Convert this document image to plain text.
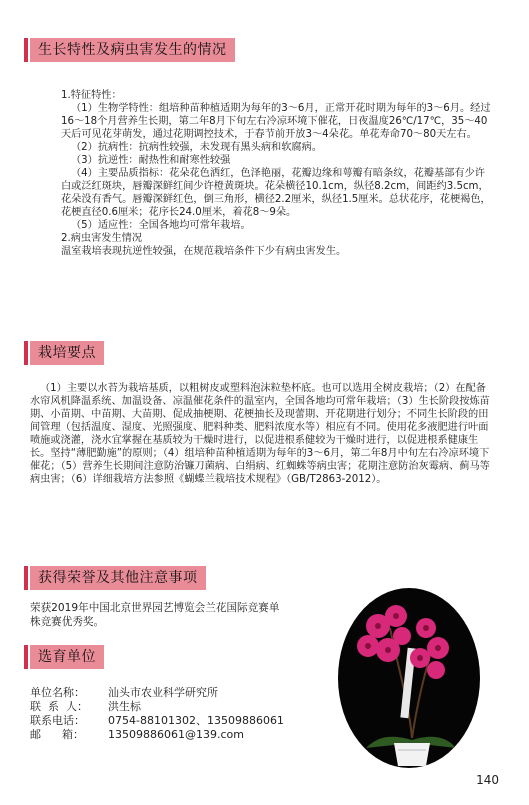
生长特性及病虫害发生的情况

1.特征特性：

（1）生物学特性：组培种苗种植适期为每年的3～6月，正常开花时期为每年的3～6月。经过16～18个月营养生长期，第二年8月下旬左右冷凉环境下催花，日夜温度26℃/17℃，35～40天后可见花芽萌发，通过花期调控技术，于春节前开放3～4朵花。单花寿命70～80天左右。

（2）抗病性：抗病性较强，未发现有黑头病和软腐病。

（3）抗逆性：耐热性和耐寒性较强

（4）主要品质指标：花朵花色洒红，色泽艳丽，花瓣边缘和萼瓣有暗条纹，花瓣基部有少许白或泛红斑块，唇瓣深鲜红间少许橙黄斑块。花朵横径10.1cm，纵径8.2cm，间距约3.5cm，花朵没有香气。唇瓣深鲜红色，倒三角形，横径2.2厘米，纵径1.5厘米。总状花序，花梗褐色，花梗直径0.6厘米；花序长24.0厘米，着花8～9朵。

（5）适应性：全国各地均可常年栽培。

2.病虫害发生情况

温室栽培表现抗逆性较强，在规范栽培条件下少有病虫害发生。

栽培要点

（1）主要以水苔为栽培基质，以粗树皮或塑料泡沫粒垫杯底。也可以选用全树皮栽培；（2）在配备水帘风机降温系统、加温设备、凉温催花条件的温室内，全国各地均可常年栽培；（3）生长阶段按炼苗期、小苗期、中苗期、大苗期、促成抽梗期、花梗抽长及现蕾期、开花期进行划分；不同生长阶段的田间管理（包括温度、湿度、光照强度、肥料种类、肥料浓度水等）相应有不同。使用花多液肥进行叶面喷施或浇灌，浇水宜掌握在基质较为干燥时进行，以促进根系健较为干燥时进行，以促进根系健康生长。坚持“薄肥勤施”的原则；（4）组培种苗种植适期为每年的3～6月，第二年8月中旬左右冷凉环境下催花；（5）营养生长期间注意防治镰刀菌病、白绢病、红蜘蛛等病虫害；花期注意防治灰霉病、蓟马等病虫害；（6）详细栽培方法参照《蝴蝶兰栽培技术规程》（GB/T2863-2012）。

获得荣誉及其他注意事项

荣获2019年中国北京世界园艺博览会兰花国际竞赛单株竞赛优秀奖。

选育单位
单位名称：	汕头市农业科学研究所
联  系  人：	洪生标
联系电话：	0754-88101302、13509886061
邮      箱：	13509886061@139.com
140
